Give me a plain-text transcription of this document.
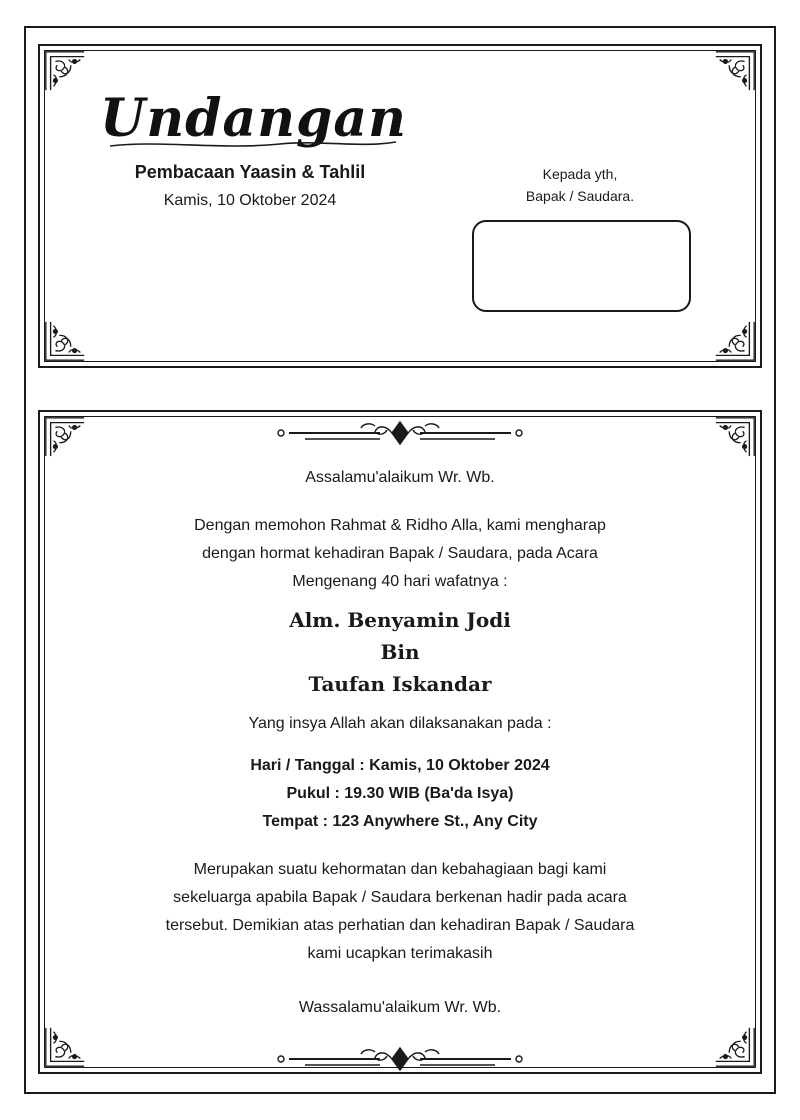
Undangan
Pembacaan Yaasin & Tahlil
Kamis, 10 Oktober 2024
Kepada yth,
Bapak / Saudara.
Assalamu'alaikum Wr. Wb.
Dengan memohon Rahmat & Ridho Alla, kami mengharap
dengan hormat kehadiran Bapak / Saudara, pada Acara
Mengenang 40 hari wafatnya :
Alm. Benyamin Jodi
Bin
Taufan Iskandar
Yang insya Allah akan dilaksanakan pada :
Hari / Tanggal : Kamis, 10 Oktober 2024
Pukul : 19.30 WIB (Ba'da Isya)
Tempat : 123 Anywhere St., Any City
Merupakan suatu kehormatan dan kebahagiaan bagi kami
sekeluarga apabila Bapak / Saudara berkenan hadir pada acara
tersebut. Demikian atas perhatian dan kehadiran Bapak / Saudara
kami ucapkan terimakasih
Wassalamu'alaikum Wr. Wb.
